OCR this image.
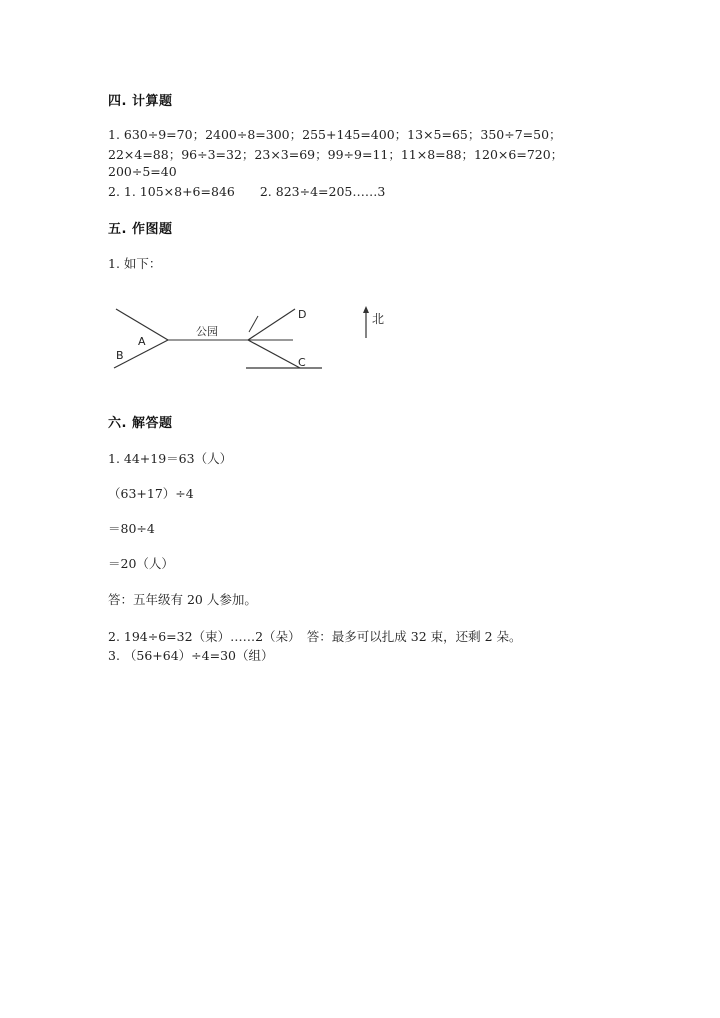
四. 计算题
1. 630÷9=70；2400÷8=300；255+145=400；13×5=65；350÷7=50；
22×4=88；96÷3=32；23×3=69；99÷9=11；11×8=88；120×6=720；
200÷5=40
2. 1. 105×8+6=846　　2. 823÷4=205……3
五. 作图题
1. 如下：
A
B
公园
D
C
北
六. 解答题
1. 44+19＝63（人）
（63+17）÷4
＝80÷4
＝20（人）
答：五年级有 20 人参加。
2. 194÷6=32（束）……2（朵）　答：最多可以扎成 32 束，还剩 2 朵。
3. （56+64）÷4=30（组）
